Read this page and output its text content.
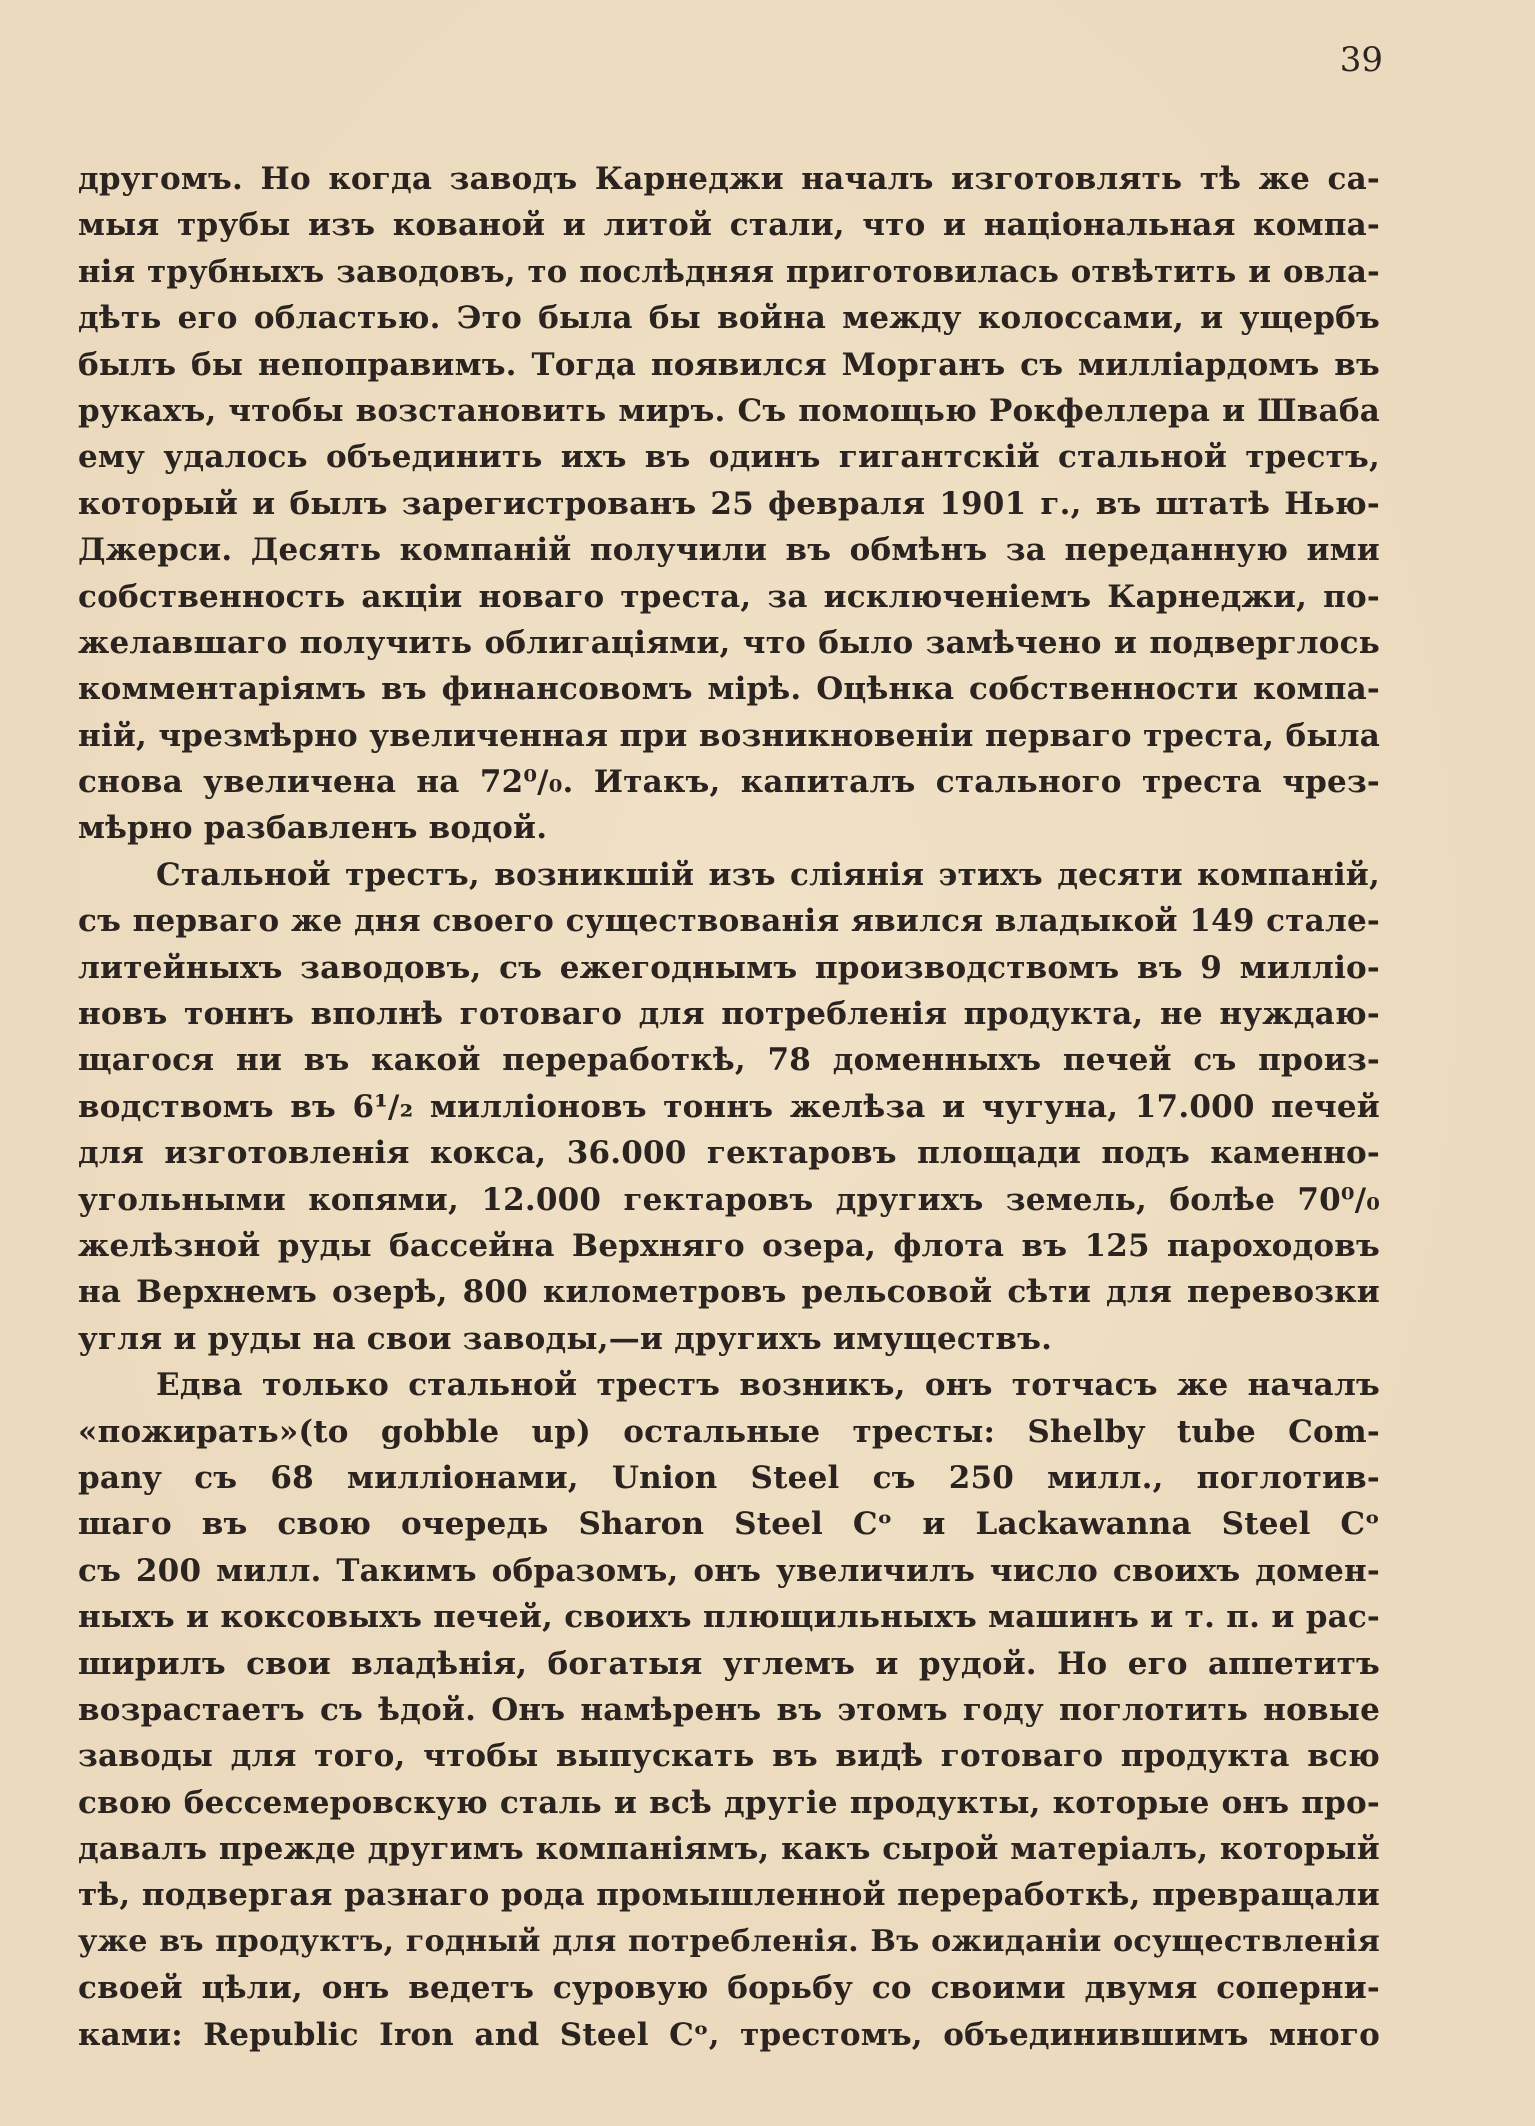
39
другомъ. Но когда заводъ Карнеджи началъ изготовлять тѣ же са-
мыя трубы изъ кованой и литой стали, что и національная компа-
нія трубныхъ заводовъ, то послѣдняя приготовилась отвѣтить и овла-
дѣть его областью. Это была бы война между колоссами, и ущербъ
былъ бы непоправимъ. Тогда появился Морганъ съ милліардомъ въ
рукахъ, чтобы возстановить миръ. Съ помощью Рокфеллера и Шваба
ему удалось объединить ихъ въ одинъ гигантскій стальной трестъ,
который и былъ зарегистрованъ 25 февраля 1901 г., въ штатѣ Нью-
Джерси. Десять компаній получили въ обмѣнъ за переданную ими
собственность акціи новаго треста, за исключеніемъ Карнеджи, по-
желавшаго получить облигаціями, что было замѣчено и подверглось
комментаріямъ въ финансовомъ мірѣ. Оцѣнка собственности компа-
ній, чрезмѣрно увеличенная при возникновеніи перваго треста, была
снова увеличена на 72⁰/₀. Итакъ, капиталъ стального треста чрез-
мѣрно разбавленъ водой.
Стальной трестъ, возникшій изъ слiянія этихъ десяти компаній,
съ перваго же дня своего существованія явился владыкой 149 стале-
литейныхъ заводовъ, съ ежегоднымъ производствомъ въ 9 милліо-
новъ тоннъ вполнѣ готоваго для потребленія продукта, не нуждаю-
щагося ни въ какой переработкѣ, 78 доменныхъ печей съ произ-
водствомъ въ 6¹/₂ милліоновъ тоннъ желѣза и чугуна, 17.000 печей
для изготовленія кокса, 36.000 гектаровъ площади подъ каменно-
угольными копями, 12.000 гектаровъ другихъ земель, болѣе 70⁰/₀
желѣзной руды бассейна Верхняго озера, флота въ 125 пароходовъ
на Верхнемъ озерѣ, 800 километровъ рельсовой сѣти для перевозки
угля и руды на свои заводы,—и другихъ имуществъ.
Едва только стальной трестъ возникъ, онъ тотчасъ же началъ
«пожирать»(to gobble up) остальные тресты: Shelby tube Com-
pany съ 68 милліонами, Union Steel съ 250 милл., поглотив-
шаго въ свою очередь Sharon Steel Cᵒ и Lackawanna Steel Cᵒ
съ 200 милл. Такимъ образомъ, онъ увеличилъ число своихъ домен-
ныхъ и коксовыхъ печей, своихъ плющильныхъ машинъ и т. п. и рас-
ширилъ свои владѣнія, богатыя углемъ и рудой. Но его аппетитъ
возрастаетъ съ ѣдой. Онъ намѣренъ въ этомъ году поглотить новые
заводы для того, чтобы выпускать въ видѣ готоваго продукта всю
свою бессемеровскую сталь и всѣ другіе продукты, которые онъ про-
давалъ прежде другимъ компаніямъ, какъ сырой матеріалъ, который
тѣ, подвергая разнаго рода промышленной переработкѣ, превращали
уже въ продуктъ, годный для потребленія. Въ ожиданіи осуществленія
своей цѣли, онъ ведетъ суровую борьбу со своими двумя соперни-
ками: Republic Iron and Steel Cᵒ, трестомъ, объединившимъ много
